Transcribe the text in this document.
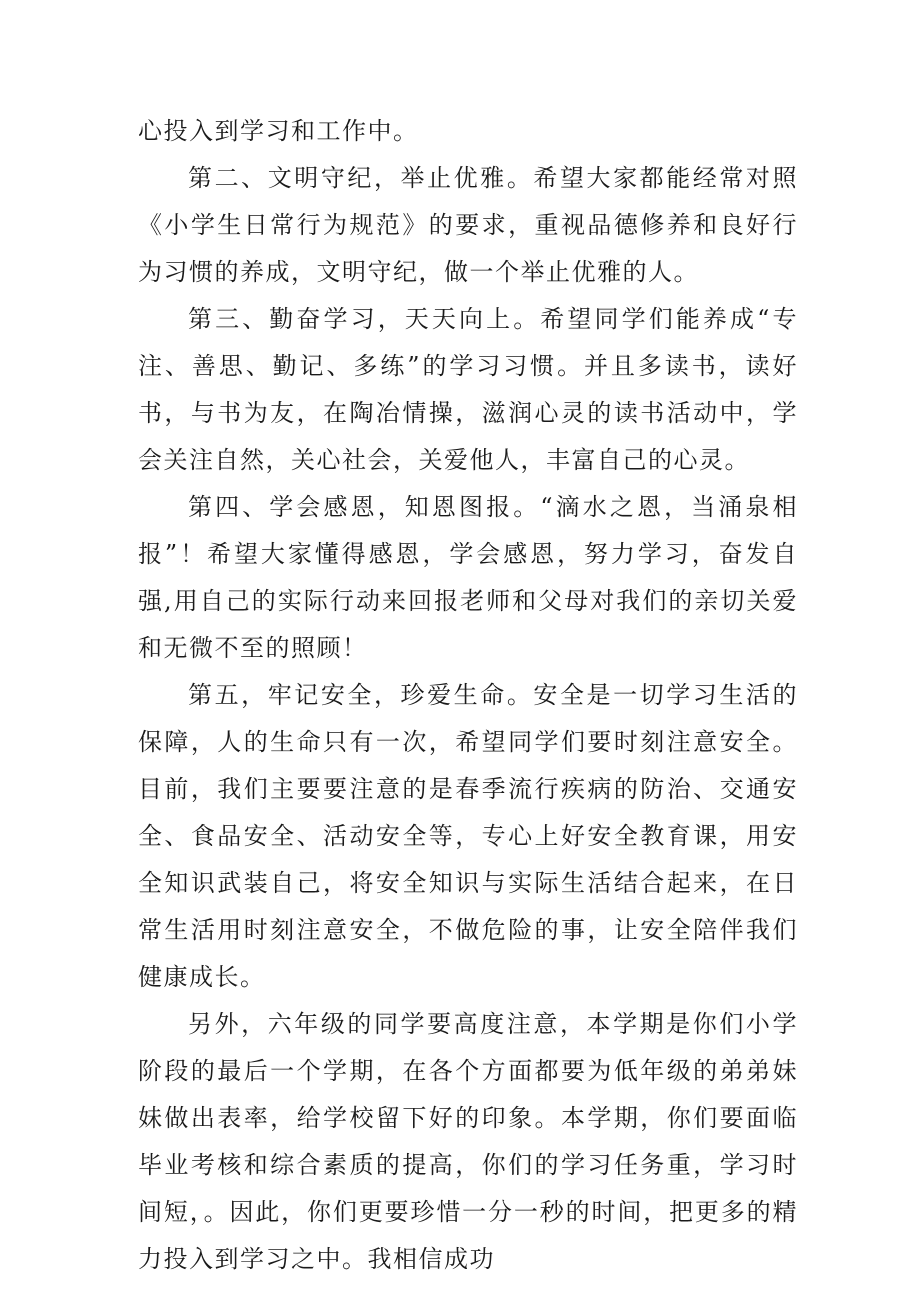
心投入到学习和工作中。

第二、文明守纪，举止优雅。希望大家都能经常对照《小学生日常行为规范》的要求，重视品德修养和良好行为习惯的养成，文明守纪，做一个举止优雅的人。

第三、勤奋学习，天天向上。希望同学们能养成“专注、善思、勤记、多练”的学习习惯。并且多读书，读好书，与书为友，在陶冶情操，滋润心灵的读书活动中，学会关注自然，关心社会，关爱他人，丰富自己的心灵。

第四、学会感恩，知恩图报。“滴水之恩，当涌泉相报”！希望大家懂得感恩，学会感恩，努力学习，奋发自强,用自己的实际行动来回报老师和父母对我们的亲切关爱和无微不至的照顾！

第五，牢记安全，珍爱生命。安全是一切学习生活的保障，人的生命只有一次，希望同学们要时刻注意安全。目前，我们主要要注意的是春季流行疾病的防治、交通安全、食品安全、活动安全等，专心上好安全教育课，用安全知识武装自己，将安全知识与实际生活结合起来，在日常生活用时刻注意安全，不做危险的事，让安全陪伴我们健康成长。

另外，六年级的同学要高度注意，本学期是你们小学阶段的最后一个学期，在各个方面都要为低年级的弟弟妹妹做出表率，给学校留下好的印象。本学期，你们要面临毕业考核和综合素质的提高，你们的学习任务重，学习时间短，。因此，你们更要珍惜一分一秒的时间，把更多的精力投入到学习之中。我相信成功
